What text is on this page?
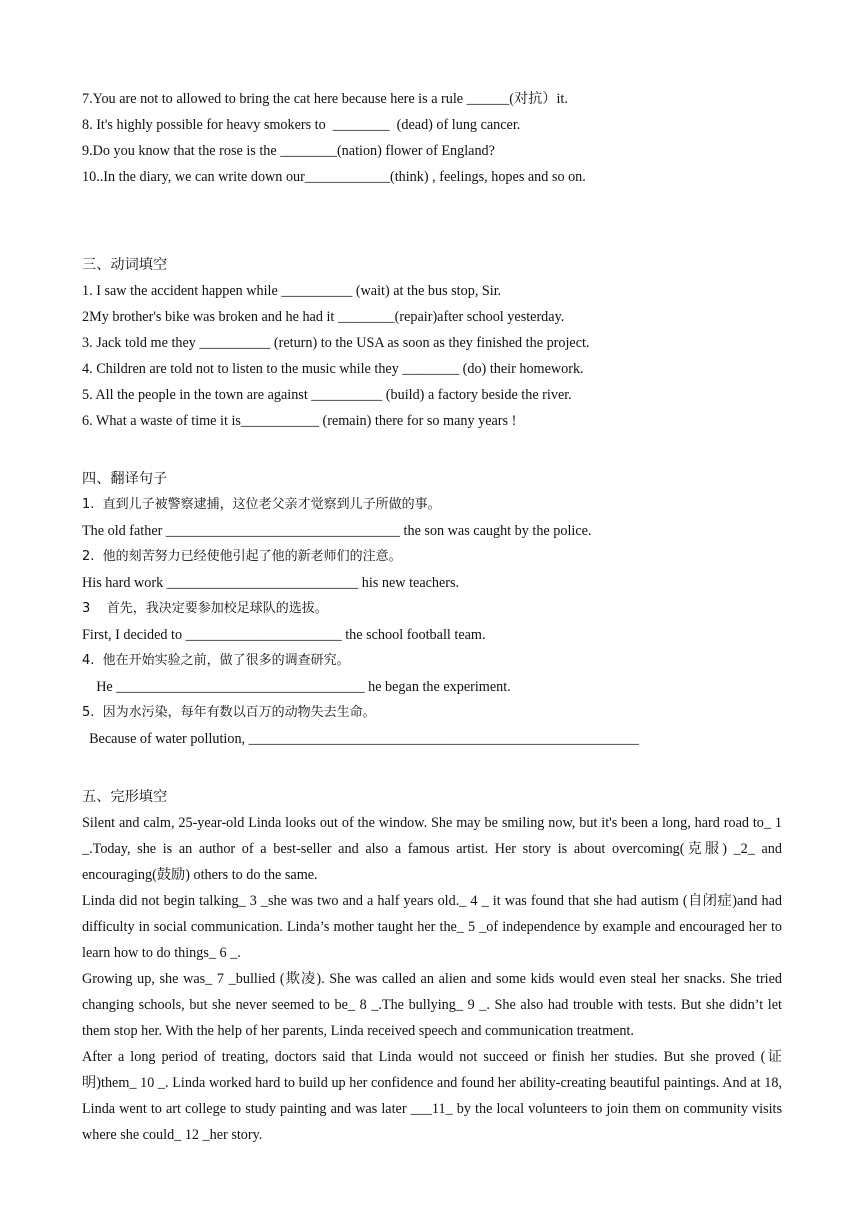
7.You are not to allowed to bring the cat here because here is a rule ______(对抗）it.
8. It's highly possible for heavy smokers to  ________  (dead) of lung cancer.
9.Do you know that the rose is the ________(nation) flower of England?
10..In the diary, we can write down our____________(think) , feelings, hopes and so on.
三、动词填空
1. I saw the accident happen while __________ (wait) at the bus stop, Sir.
2My brother's bike was broken and he had it ________(repair)after school yesterday.
3. Jack told me they __________ (return) to the USA as soon as they finished the project.
4. Children are told not to listen to the music while they ________ (do) their homework.
5. All the people in the town are against __________ (build) a factory beside the river.
6. What a waste of time it is___________ (remain) there for so many years !
四、翻译句子
1.  直到儿子被警察逮捕，这位老父亲才觉察到儿子所做的事。
The old father _________________________________ the son was caught by the police.
2.  他的刻苦努力已经使他引起了他的新老师们的注意。
His hard work ___________________________ his new teachers.
3    首先，我决定要参加校足球队的选拔。
First, I decided to ______________________ the school football team.
4.  他在开始实验之前，做了很多的调查研究。
He ___________________________________ he began the experiment.
5.  因为水污染，每年有数以百万的动物失去生命。
Because of water pollution, _______________________________________________________
五、完形填空
Silent and calm, 25-year-old Linda looks out of the window. She may be smiling now, but it's been a long, hard road to_ 1 _.Today, she is an author of a best-seller and also a famous artist. Her story is about overcoming(克服) _2_ and encouraging(鼓励) others to do the same.
Linda did not begin talking_ 3 _she was two and a half years old._ 4 _ it was found that she had autism (自闭症)and had difficulty in social communication. Linda’s mother taught her the_ 5 _of independence by example and encouraged her to learn how to do things_ 6 _.
Growing up, she was_ 7 _bullied (欺凌). She was called an alien and some kids would even steal her snacks. She tried changing schools, but she never seemed to be_ 8 _.The bullying_ 9 _. She also had trouble with tests. But she didn’t let them stop her. With the help of her parents, Linda received speech and communication treatment.
After a long period of treating, doctors said that Linda would not succeed or finish her studies. But she proved (证明)them_ 10 _. Linda worked hard to build up her confidence and found her ability-creating beautiful paintings. And at 18, Linda went to art college to study painting and was later ___11_ by the local volunteers to join them on community visits where she could_ 12 _her story.
